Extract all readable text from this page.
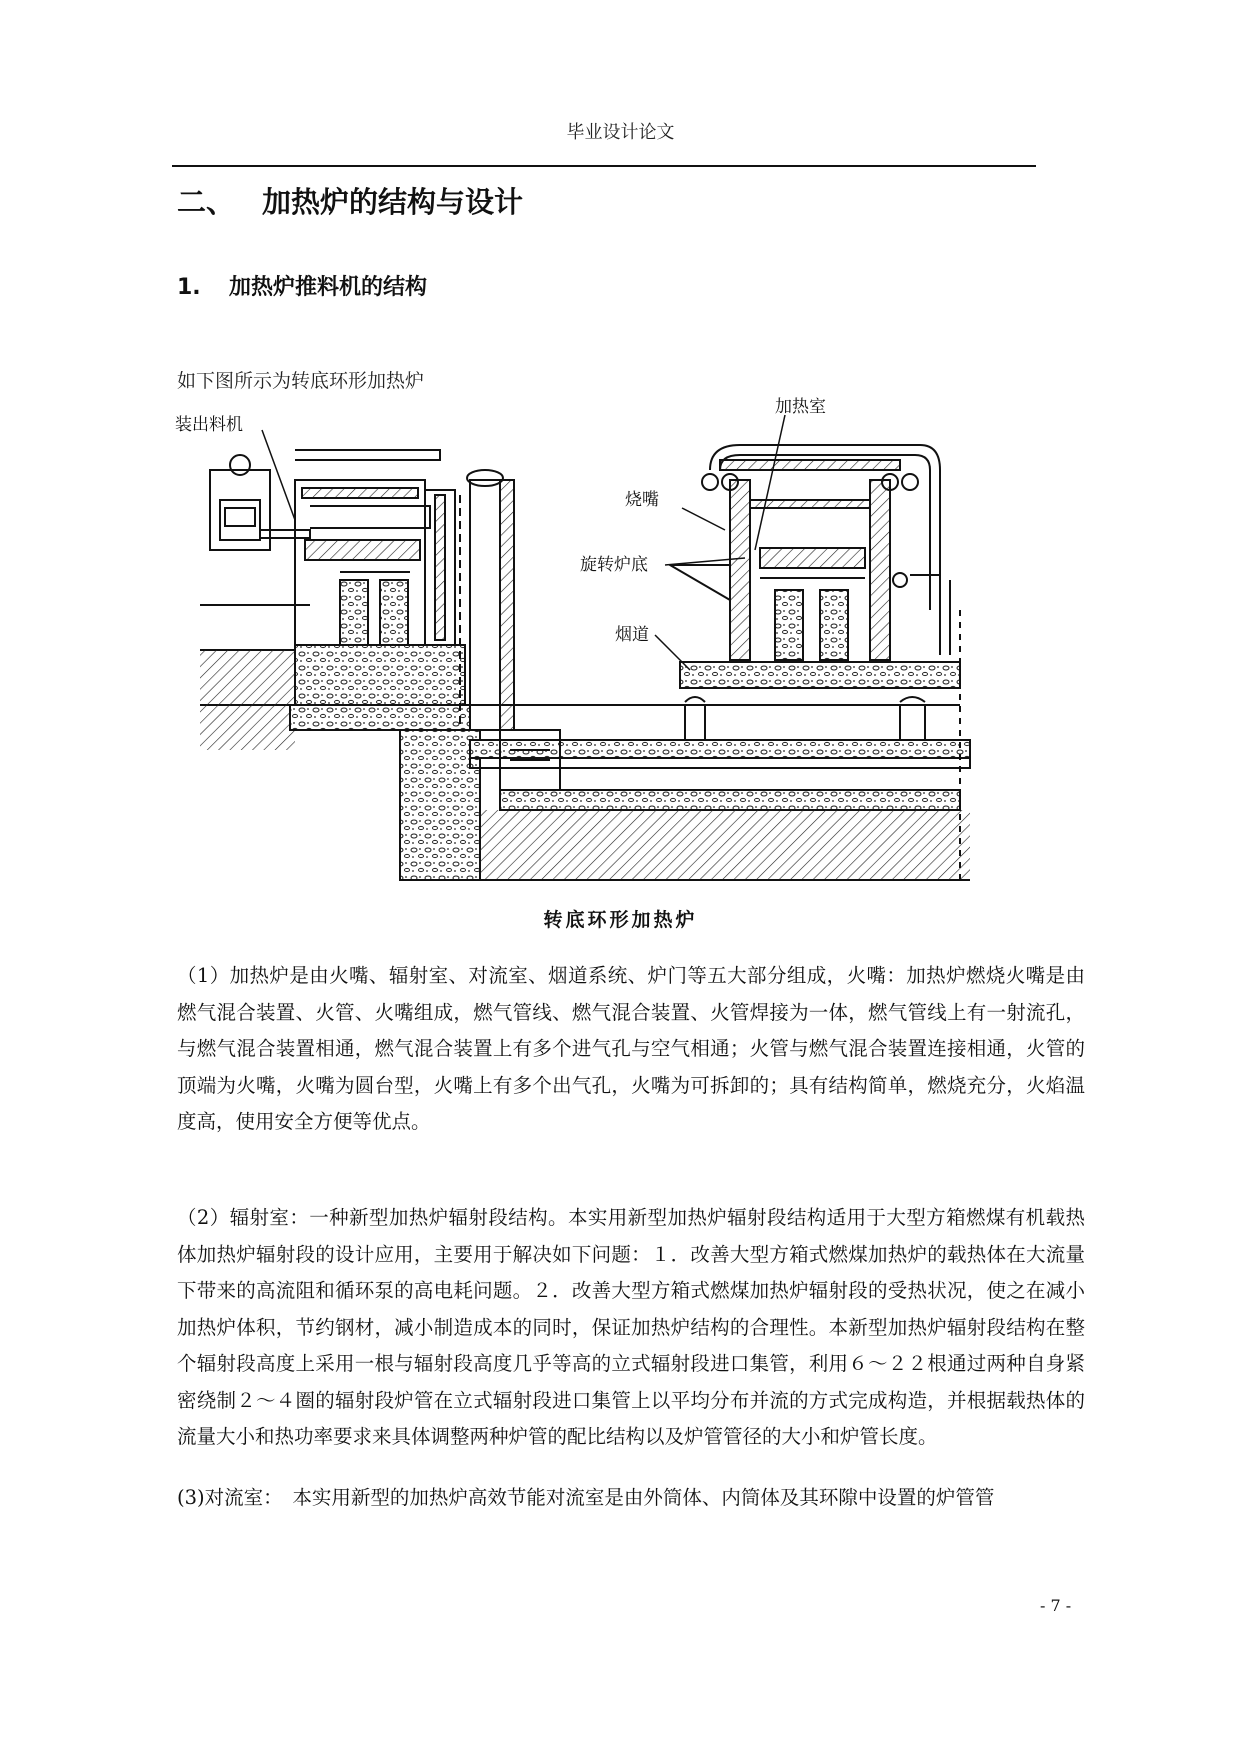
毕业设计论文
二、 加热炉的结构与设计
1. 加热炉推料机的结构
如下图所示为转底环形加热炉
装出料机
加热室
烧嘴
旋转炉底
烟道
转底环形加热炉
（1）加热炉是由火嘴、辐射室、对流室、烟道系统、炉门等五大部分组成，火嘴：加热炉燃烧火嘴是由燃气混合装置、火管、火嘴组成，燃气管线、燃气混合装置、火管焊接为一体，燃气管线上有一射流孔，与燃气混合装置相通，燃气混合装置上有多个进气孔与空气相通；火管与燃气混合装置连接相通，火管的顶端为火嘴，火嘴为圆台型，火嘴上有多个出气孔，火嘴为可拆卸的；具有结构简单，燃烧充分，火焰温度高，使用安全方便等优点。
（2）辐射室：一种新型加热炉辐射段结构。本实用新型加热炉辐射段结构适用于大型方箱燃煤有机载热体加热炉辐射段的设计应用，主要用于解决如下问题：１．改善大型方箱式燃煤加热炉的载热体在大流量下带来的高流阻和循环泵的高电耗问题。２．改善大型方箱式燃煤加热炉辐射段的受热状况，使之在减小加热炉体积，节约钢材，减小制造成本的同时，保证加热炉结构的合理性。本新型加热炉辐射段结构在整个辐射段高度上采用一根与辐射段高度几乎等高的立式辐射段进口集管，利用６～２２根通过两种自身紧密绕制２～４圈的辐射段炉管在立式辐射段进口集管上以平均分布并流的方式完成构造，并根据载热体的流量大小和热功率要求来具体调整两种炉管的配比结构以及炉管管径的大小和炉管长度。
(3)对流室：　本实用新型的加热炉高效节能对流室是由外筒体、内筒体及其环隙中设置的炉管管
- 7 -
